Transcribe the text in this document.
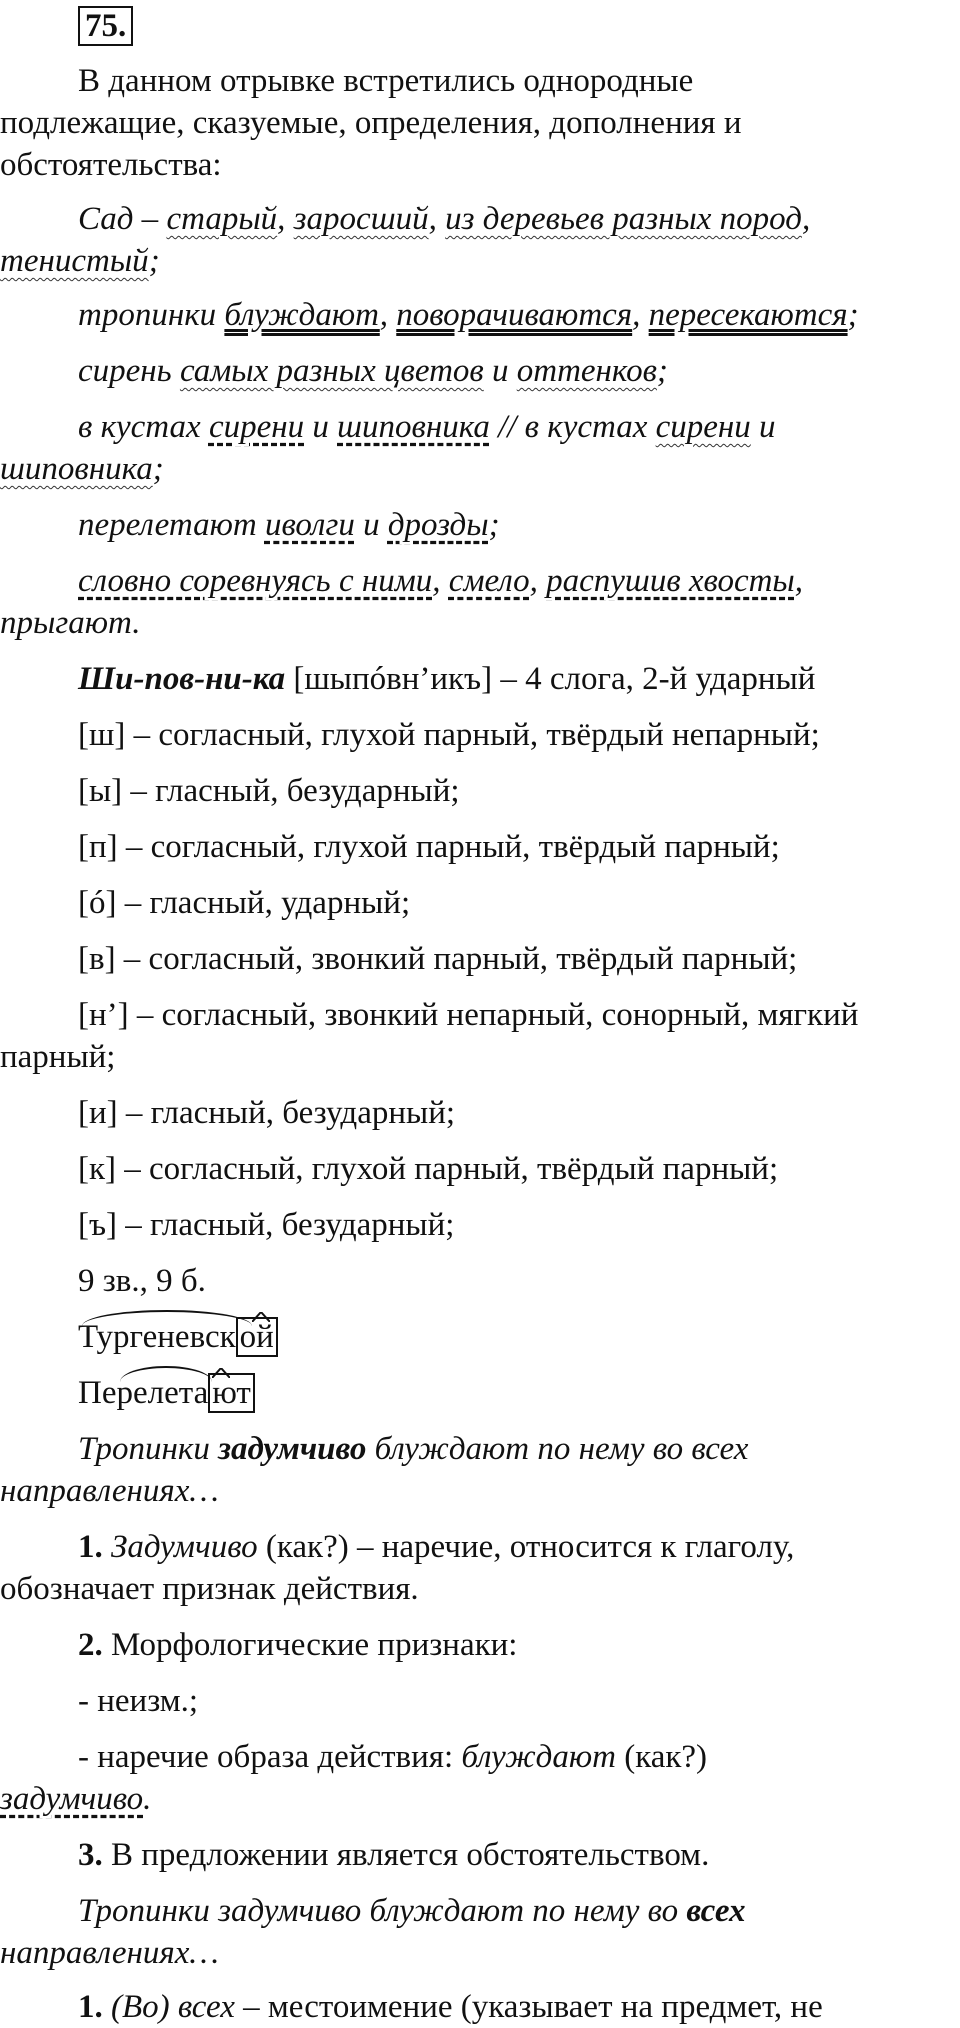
75.
В данном отрывке встретились однородные
подлежащие, сказуемые, определения, дополнения и
обстоятельства:
Сад – старый, заросший, из деревьев разных пород,
тенистый;
тропинки блуждают, поворачиваются, пересекаются;
сирень самых разных цветов и оттенков;
в кустах сирени и шиповника // в кустах сирени и
шиповника;
перелетают иволги и дрозды;
словно соревнуясь с ними, смело, распушив хвосты,
прыгают.
Ши-пов-ни-ка [шыпóвн’икъ] – 4 слога, 2-й ударный
[ш] – согласный, глухой парный, твёрдый непарный;
[ы] – гласный, безударный;
[п] – согласный, глухой парный, твёрдый парный;
[ó] – гласный, ударный;
[в] – согласный, звонкий парный, твёрдый парный;
[н’] – согласный, звонкий непарный, сонорный, мягкий
парный;
[и] – гласный, безударный;
[к] – согласный, глухой парный, твёрдый парный;
[ъ] – гласный, безударный;
9 зв., 9 б.
Тургеневск ой
Перелета ют
Тропинки задумчиво блуждают по нему во всех
направлениях…
1. Задумчиво (как?) – наречие, относится к глаголу,
обозначает признак действия.
2. Морфологические признаки:
- неизм.;
- наречие образа действия: блуждают (как?)
задумчиво.
3. В предложении является обстоятельством.
Тропинки задумчиво блуждают по нему во всех
направлениях…
1. (Во) всех – местоимение (указывает на предмет, не
